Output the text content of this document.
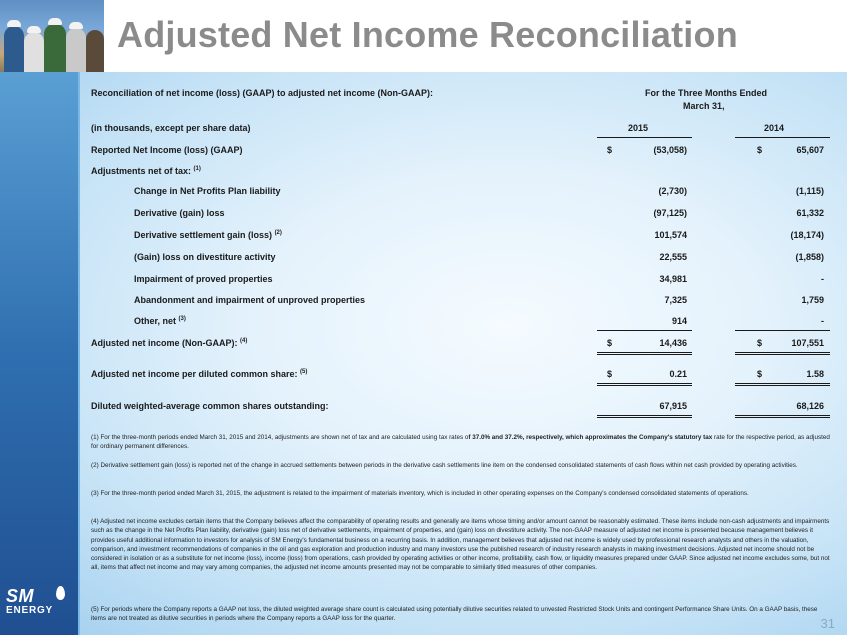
Adjusted Net Income Reconciliation
SM
ENERGY
31
Reconciliation of net income (loss) (GAAP) to adjusted net income (Non-GAAP):	For the Three Months Ended
March 31,
(in thousands, except per share data)	2015	2014
Reported Net Income (loss) (GAAP)	$	(53,058)	$	65,607
Adjustments net of tax: $^{(1)}$
Change in Net Profits Plan liability	(2,730)	(1,115)
Derivative (gain) loss	(97,125)	61,332
Derivative settlement gain (loss) $^{(2)}$	101,574	(18,174)
(Gain) loss on divestiture activity	22,555	(1,858)
Impairment of proved properties	34,981	-
Abandonment and impairment of unproved properties	7,325	1,759
Other, net $^{(3)}$	914	-
Adjusted net income (Non-GAAP): $^{(4)}$	$	14,436	$	107,551
Adjusted net income per diluted common share: $^{(5)}$	$	0.21	$	1.58
Diluted weighted-average common shares outstanding:	67,915	68,126
(1) For the three-month periods ended March 31, 2015 and 2014, adjustments are shown net of tax and are calculated using tax rates of 37.0% and 37.2%, respectively, which approximates the Company's statutory tax rate for the respective period, as adjusted for ordinary permanent differences.
(2) Derivative settlement gain (loss) is reported net of the change in accrued settlements between periods in the derivative cash settlements line item on the condensed consolidated statements of cash flows within net cash provided by operating activities.
(3) For the three-month period ended March 31, 2015, the adjustment is related to the impairment of materials inventory, which is included in other operating expenses on the Company's condensed consolidated statements of operations.
(4) Adjusted net income excludes certain items that the Company believes affect the comparability of operating results and generally are items whose timing and/or amount cannot be reasonably estimated. These items include non-cash adjustments and impairments such as the change in the Net Profits Plan liability, derivative (gain) loss net of derivative settlements, impairment of properties, and (gain) loss on divestiture activity. The non-GAAP measure of adjusted net income is presented because management believes it provides useful additional information to investors for analysis of SM Energy's fundamental business on a recurring basis. In addition, management believes that adjusted net income is widely used by professional research analysts and others in the valuation, comparison, and investment recommendations of companies in the oil and gas exploration and production industry and many investors use the published research of industry research analysts in making investment decisions. Adjusted net income should not be considered in isolation or as a substitute for net income (loss), income (loss) from operations, cash provided by operating activities or other income, profitability, cash flow, or liquidity measures prepared under GAAP. Since adjusted net income excludes some, but not all, items that affect net income and may vary among companies, the adjusted net income amounts presented may not be comparable to similarly titled measures of other companies.
(5) For periods where the Company reports a GAAP net loss, the diluted weighted average share count is calculated using potentially dilutive securities related to unvested Restricted Stock Units and contingent Performance Share Units. On a GAAP basis, these items are not treated as dilutive securities in periods where the Company reports a GAAP loss for the quarter.
